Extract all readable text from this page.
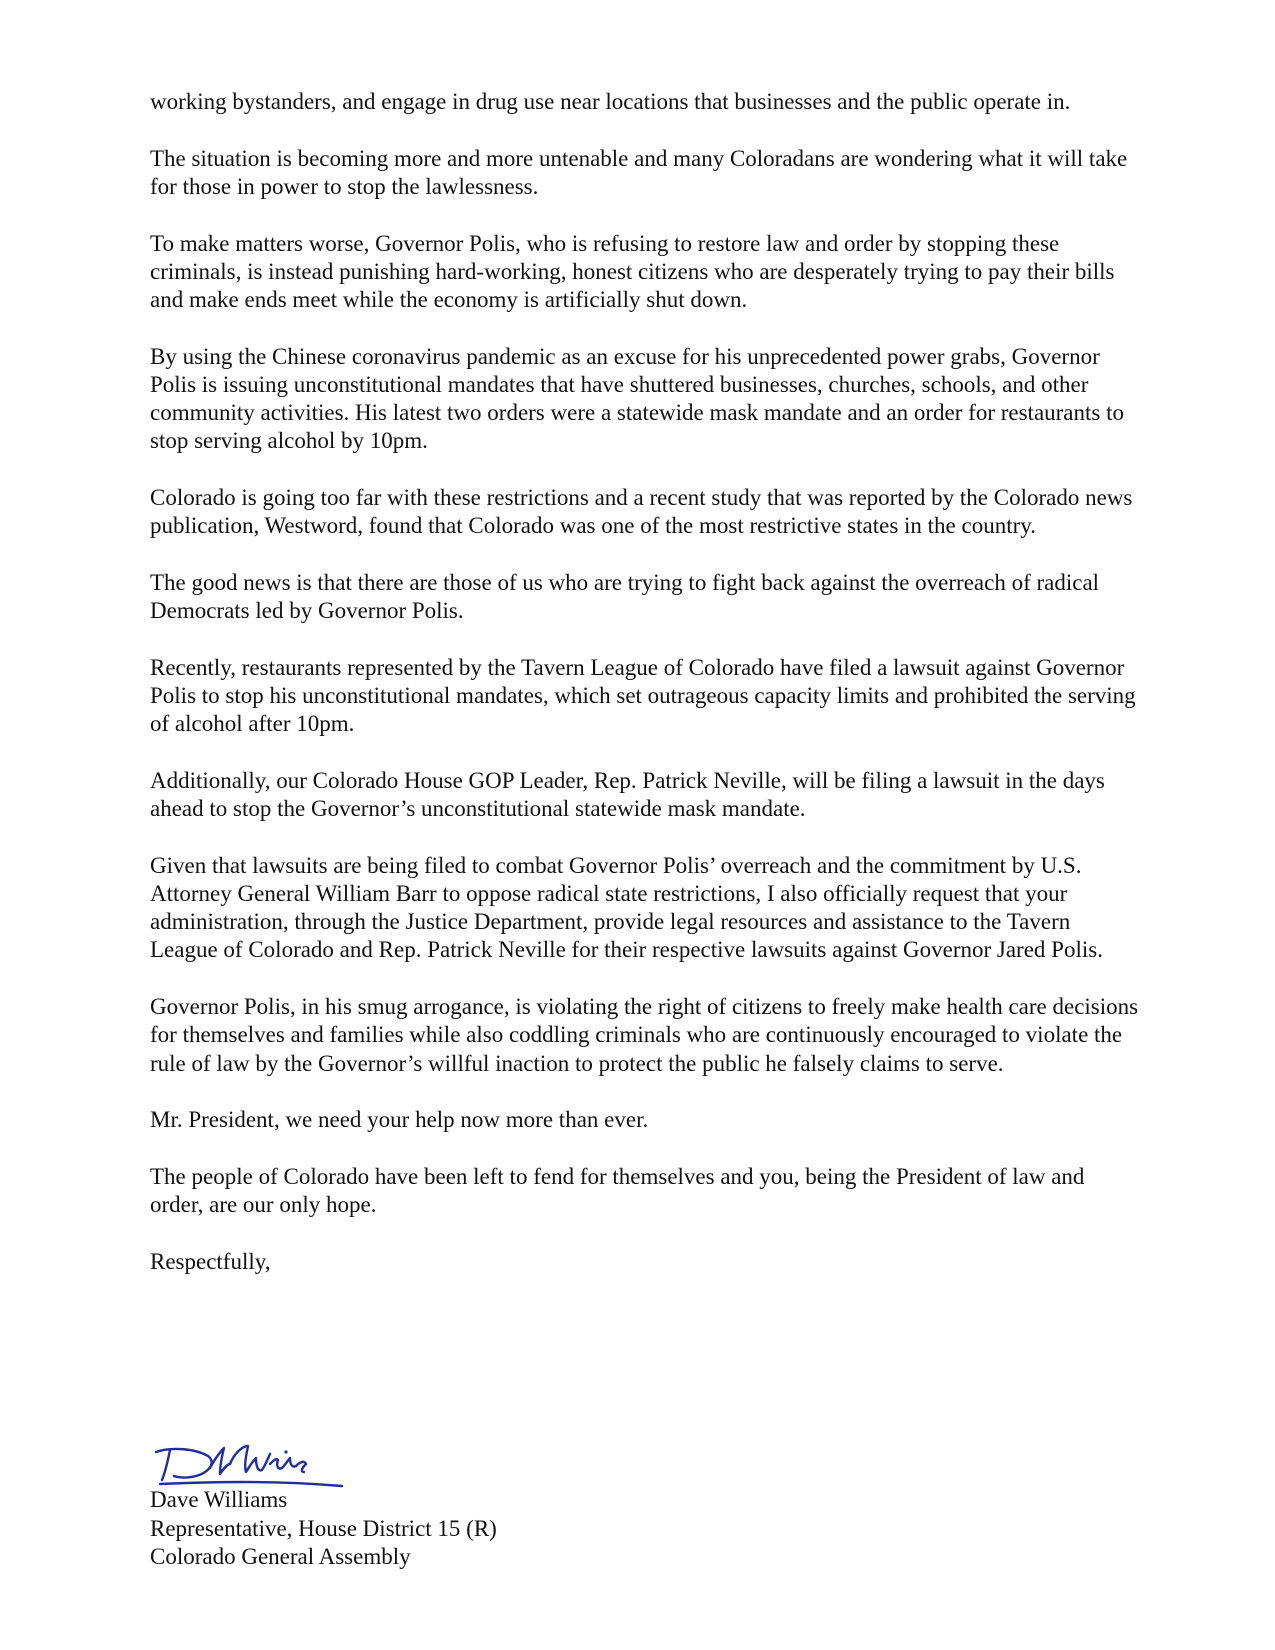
working bystanders, and engage in drug use near locations that businesses and the public operate in.

The situation is becoming more and more untenable and many Coloradans are wondering what it will take for those in power to stop the lawlessness.

To make matters worse, Governor Polis, who is refusing to restore law and order by stopping these criminals, is instead punishing hard-working, honest citizens who are desperately trying to pay their bills and make ends meet while the economy is artificially shut down.

By using the Chinese coronavirus pandemic as an excuse for his unprecedented power grabs, Governor Polis is issuing unconstitutional mandates that have shuttered businesses, churches, schools, and other community activities. His latest two orders were a statewide mask mandate and an order for restaurants to stop serving alcohol by 10pm.

Colorado is going too far with these restrictions and a recent study that was reported by the Colorado news publication, Westword, found that Colorado was one of the most restrictive states in the country.

The good news is that there are those of us who are trying to fight back against the overreach of radical Democrats led by Governor Polis.

Recently, restaurants represented by the Tavern League of Colorado have filed a lawsuit against Governor Polis to stop his unconstitutional mandates, which set outrageous capacity limits and prohibited the serving of alcohol after 10pm.

Additionally, our Colorado House GOP Leader, Rep. Patrick Neville, will be filing a lawsuit in the days ahead to stop the Governor’s unconstitutional statewide mask mandate.

Given that lawsuits are being filed to combat Governor Polis’ overreach and the commitment by U.S. Attorney General William Barr to oppose radical state restrictions, I also officially request that your administration, through the Justice Department, provide legal resources and assistance to the Tavern League of Colorado and Rep. Patrick Neville for their respective lawsuits against Governor Jared Polis.

Governor Polis, in his smug arrogance, is violating the right of citizens to freely make health care decisions for themselves and families while also coddling criminals who are continuously encouraged to violate the rule of law by the Governor’s willful inaction to protect the public he falsely claims to serve.

Mr. President, we need your help now more than ever.

The people of Colorado have been left to fend for themselves and you, being the President of law and order, are our only hope.

Respectfully,

Dave Williams
Representative, House District 15 (R)
Colorado General Assembly
